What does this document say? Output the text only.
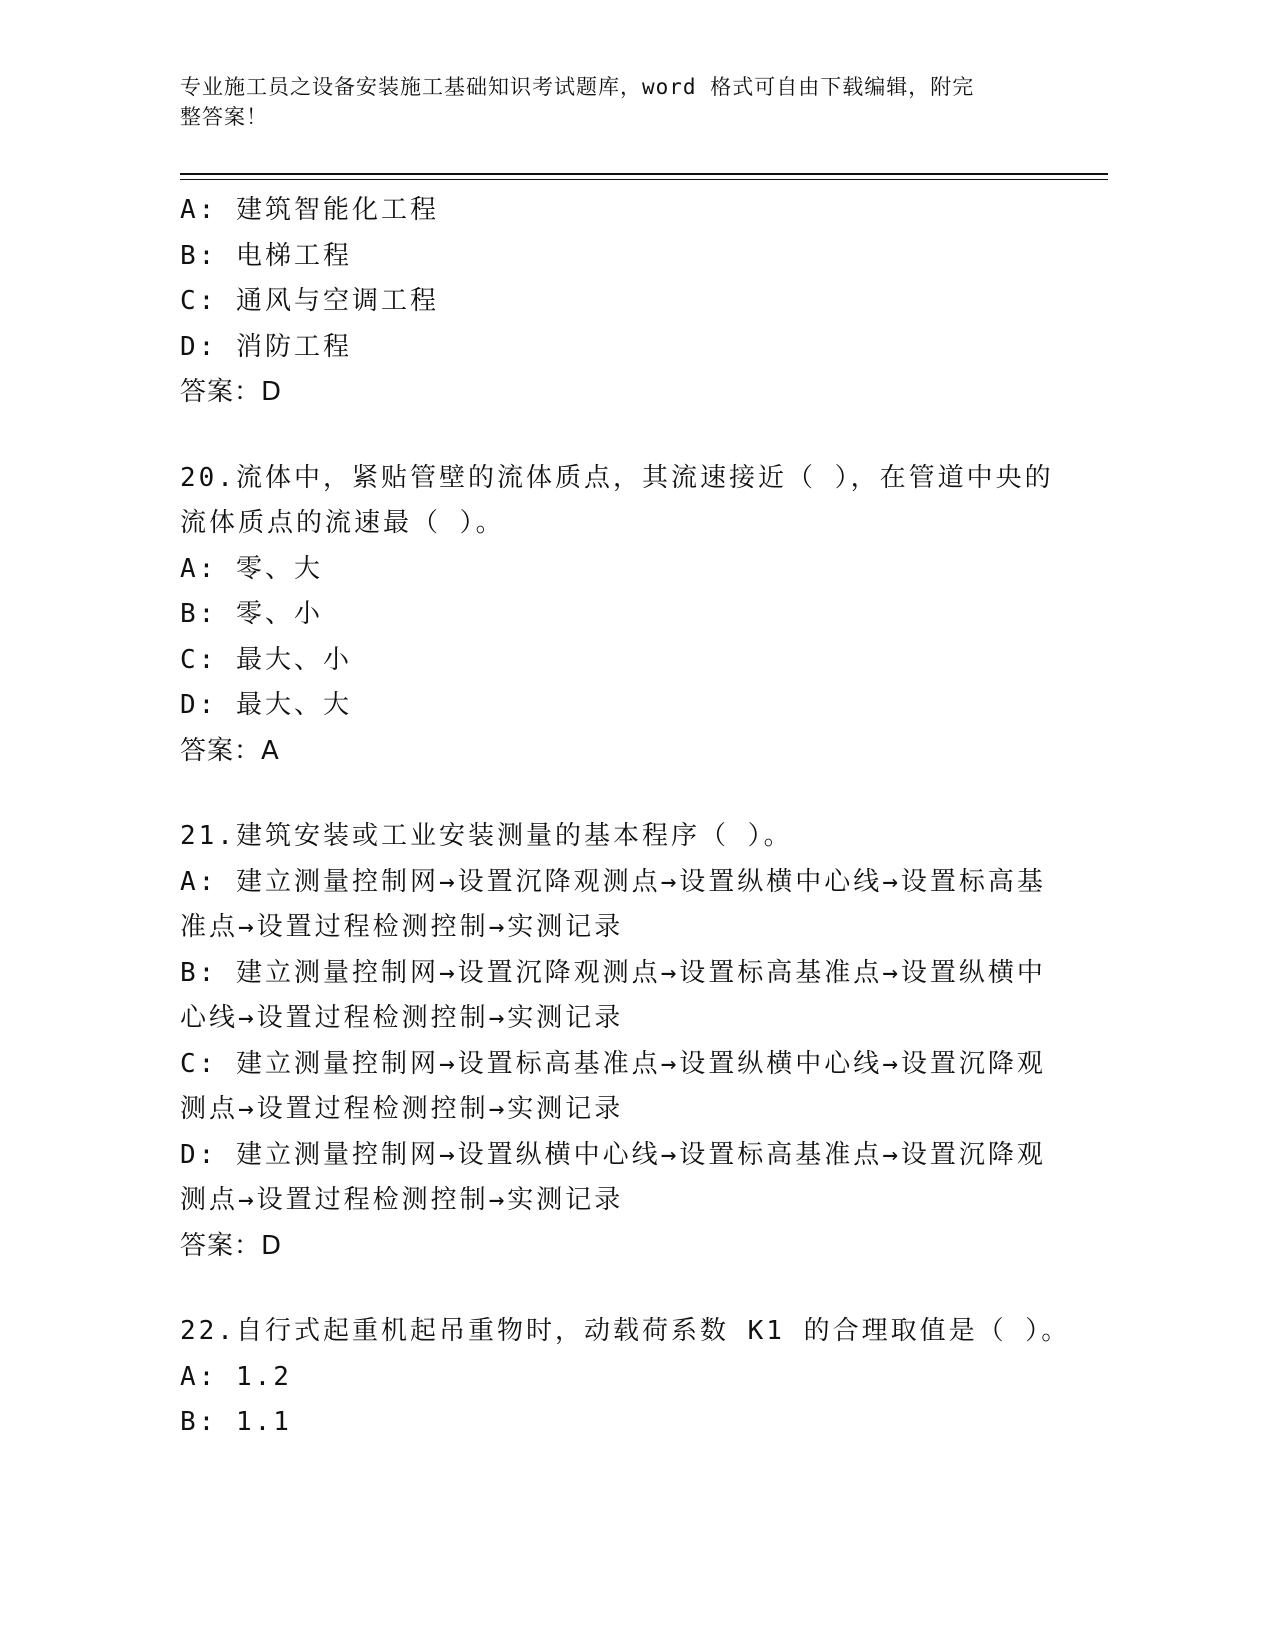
专业施工员之设备安装施工基础知识考试题库，word 格式可自由下载编辑，附完
整答案！
A: 建筑智能化工程
B: 电梯工程
C: 通风与空调工程
D: 消防工程
答案：D
20.流体中，紧贴管壁的流体质点，其流速接近（ ），在管道中央的
流体质点的流速最（ ）。
A: 零、大
B: 零、小
C: 最大、小
D: 最大、大
答案：A
21.建筑安装或工业安装测量的基本程序（ ）。
A: 建立测量控制网→设置沉降观测点→设置纵横中心线→设置标高基
准点→设置过程检测控制→实测记录
B: 建立测量控制网→设置沉降观测点→设置标高基准点→设置纵横中
心线→设置过程检测控制→实测记录
C: 建立测量控制网→设置标高基准点→设置纵横中心线→设置沉降观
测点→设置过程检测控制→实测记录
D: 建立测量控制网→设置纵横中心线→设置标高基准点→设置沉降观
测点→设置过程检测控制→实测记录
答案：D
22.自行式起重机起吊重物时，动载荷系数 K1 的合理取值是（ ）。
A: 1.2
B: 1.1
